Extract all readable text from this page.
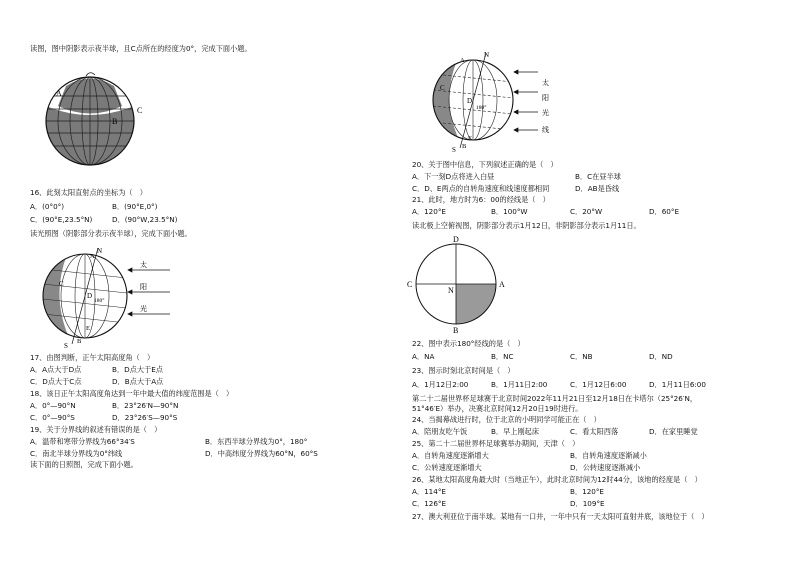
读图，图中阴影表示夜半球，且C点所在的经度为0°，完成下面小题。
A
B
C
16、此刻太阳直射点的坐标为（　）
A．(0°0°)	B．(90°E,0°)
C．(90°E,23.5°N)	D．(90°W,23.5°N)
读光照图（阴影部分表示夜半球），完成下面小题。
N
S
A
C
D
180°
E
B
太
阳
光
17、由图判断，正午太阳高度角（　）
A．A点大于D点	B．D点大于E点
C．D点大于C点	D．B点大于A点
18、该日正午太阳高度角达到一年中最大值的纬度范围是（　）
A．0°—90°N	B．23°26′N—90°N
C．0°—90°S	D．23°26′S—90°S
19、关于分界线的叙述有错误的是（　）
A．温带和寒带分界线为66°34′S	B．东西半球分界线为0°，180°
C．南北半球分界线为0°纬线	D．中高纬度分界线为60°N，60°S
读下面的日照图，完成下面小题。
N
S
A
C
D
180°
E
B
太
阳
光
线
20、关于图中信息，下列叙述正确的是（　）
A．下一刻D点将进入白昼	B．C在昼半球
C．D、E两点的自转角速度和线速度都相同	D．AB是昏线
21、此时，地方时为6：00的经线是（　）
A．120°E	B．100°W	C．20°W	D．60°E
读北极上空俯视图，阴影部分表示1月12日，非阴影部分表示1月11日。
D
C	A
B
N
22、图中表示180°经线的是（　）
A．NA	B．NC	C．NB	D．ND
23、图示时刻北京时间是（　）
A．1月12日2:00	B．1月11日2:00	C．1月12日6:00	D．1月11日6:00
第二十二届世界杯足球赛于北京时间2022年11月21日至12月18日在卡塔尔（25°26′N，
51°46′E）举办，决赛北京时间12月20日19时进行。
24、当揭幕战进行时，位于北京的小明同学可能正在（　）
A．陪朋友吃午饭	B．早上刚起床	C．看太阳西落	D．在家里睡觉
25、第二十二届世界杯足球赛举办期间，天津（　）
A．自转角速度逐渐增大	B．自转角速度逐渐减小
C．公转速度逐渐增大	D．公转速度逐渐减小
26、某地太阳高度角最大时（当地正午），此时北京时间为12时44分，该地的经度是（　）
A．114°E	B．120°E
C．126°E	D．109°E
27、澳大利亚位于南半球。某地有一口井，一年中只有一天太阳可直射井底，该地位于（　）
